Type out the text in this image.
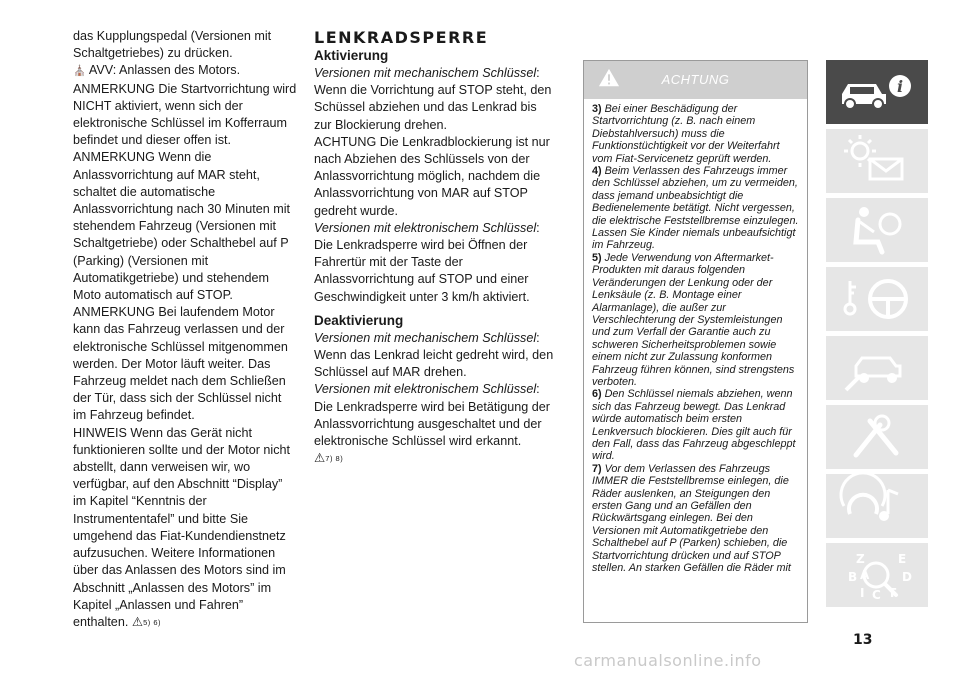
das Kupplungspedal (Versionen mit Schaltgetriebes) zu drücken.

⛪ AVV: Anlassen des Motors.

ANMERKUNG Die Startvorrichtung wird NICHT aktiviert, wenn sich der elektronische Schlüssel im Kofferraum befindet und dieser offen ist.

ANMERKUNG Wenn die Anlassvorrichtung auf MAR steht, schaltet die automatische Anlassvorrichtung nach 30 Minuten mit stehendem Fahrzeug (Versionen mit Schaltgetriebe) oder Schalthebel auf P (Parking) (Versionen mit Automatikgetriebe) und stehendem Moto automatisch auf STOP.

ANMERKUNG Bei laufendem Motor kann das Fahrzeug verlassen und der elektronische Schlüssel mitgenommen werden. Der Motor läuft weiter. Das Fahrzeug meldet nach dem Schließen der Tür, dass sich der Schlüssel nicht im Fahrzeug befindet.

HINWEIS Wenn das Gerät nicht funktionieren sollte und der Motor nicht abstellt, dann verweisen wir, wo verfügbar, auf den Abschnitt “Display” im Kapitel “Kenntnis der Instrumententafel” und bitte Sie umgehend das Fiat-Kundendienstnetz aufzusuchen. Weitere Informationen über das Anlassen des Motors sind im Abschnitt „Anlassen des Motors” im Kapitel „Anlassen und Fahren” enthalten. ⚠5) 6)

LENKRADSPERRE
Aktivierung

Versionen mit mechanischem Schlüssel: Wenn die Vorrichtung auf STOP steht, den Schüssel abziehen und das Lenkrad bis zur Blockierung drehen.

ACHTUNG Die Lenkradblockierung ist nur nach Abziehen des Schlüssels von der Anlassvorrichtung möglich, nachdem die Anlassvorrichtung von MAR auf STOP gedreht wurde.

Versionen mit elektronischem Schlüssel: Die Lenkradsperre wird bei Öffnen der Fahrertür mit der Taste der Anlassvorrichtung auf STOP und einer Geschwindigkeit unter 3 km/h aktiviert.

Deaktivierung

Versionen mit mechanischem Schlüssel: Wenn das Lenkrad leicht gedreht wird, den Schlüssel auf MAR drehen.

Versionen mit elektronischem Schlüssel: Die Lenkradsperre wird bei Betätigung der Anlassvorrichtung ausgeschaltet und der elektronische Schlüssel wird erkannt.

⚠7) 8)

ACHTUNG

3) Bei einer Beschädigung der Startvorrichtung (z. B. nach einem Diebstahlversuch) muss die Funktionstüchtigkeit vor der Weiterfahrt vom Fiat-Servicenetz geprüft werden.

4) Beim Verlassen des Fahrzeugs immer den Schlüssel abziehen, um zu vermeiden, dass jemand unbeabsichtigt die Bedienelemente betätigt. Nicht vergessen, die elektrische Feststellbremse einzulegen. Lassen Sie Kinder niemals unbeaufsichtigt im Fahrzeug.

5) Jede Verwendung von Aftermarket-Produkten mit daraus folgenden Veränderungen der Lenkung oder der Lenksäule (z. B. Montage einer Alarmanlage), die außer zur Verschlechterung der Systemleistungen und zum Verfall der Garantie auch zu schweren Sicherheitsproblemen sowie einem nicht zur Zulassung konformen Fahrzeug führen können, sind strengstens verboten.

6) Den Schlüssel niemals abziehen, wenn sich das Fahrzeug bewegt. Das Lenkrad würde automatisch beim ersten Lenkversuch blockieren. Dies gilt auch für den Fall, dass das Fahrzeug abgeschleppt wird.

7) Vor dem Verlassen des Fahrzeugs IMMER die Feststellbremse einlegen, die Räder auslenken, an Steigungen den ersten Gang und an Gefällen den Rückwärtsgang einlegen. Bei den Versionen mit Automatikgetriebe den Schalthebel auf P (Parken) schieben, die Startvorrichtung drücken und auf STOP stellen. An starken Gefällen die Räder mit

i
Z	E
B A	D
I C T
13
carmanualsonline.info
